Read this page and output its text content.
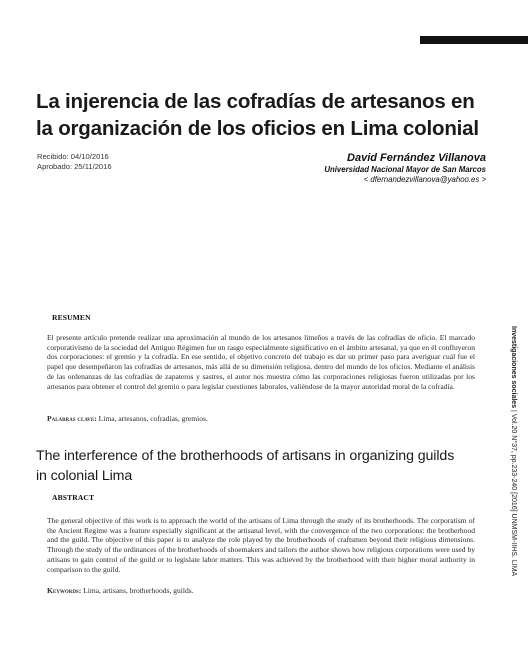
La injerencia de las cofradías de artesanos en
la organización de los oficios en Lima colonial
Recibido: 04/10/2016
Aprobado: 25/11/2016
David Fernández Villanova
Universidad Nacional Mayor de San Marcos
< dfernandezvillanova@yahoo.es >
RESUMEN

El presente artículo pretende realizar una aproximación al mundo de los artesanos limeños a través de las cofradías de oficio. El marcado corporativismo de la sociedad del Antiguo Régimen fue un rasgo especialmente significativo en el ámbito artesanal, ya que en él confluyeron dos corporaciones: el gremio y la cofradía. En ese sentido, el objetivo concreto del trabajo es dar un primer paso para averiguar cuál fue el papel que desempeñaron las cofradías de artesanos, más allá de su dimensión religiosa, dentro del mundo de los oficios. Mediante el análisis de las ordenanzas de las cofradías de zapateros y sastres, el autor nos muestra cómo las corporaciones religiosas fueron utilizadas por los artesanos para obtener el control del gremio o para legislar cuestiones laborales, valiéndose de la mayor autoridad moral de la cofradía.

Palabras clave: Lima, artesanos, cofradías, gremios.

The interference of the brotherhoods of artisans in organizing guilds
in colonial Lima
ABSTRACT

The general objective of this work is to approach the world of the artisans of Lima through the study of its brotherhoods. The corporatism of the Ancient Regime was a feature especially significant at the artisanal level, with the convergence of the two corporations: the brotherhood and the guild. The objective of this paper is to analyze the role played by the brotherhoods of craftsmen beyond their religious dimensions. Through the study of the ordinances of the brotherhoods of shoemakers and tailors the author shows how religious corporations were used by artisans to gain control of the guild or to legislate labor matters. This was achieved by the brotherhood with their higher moral authority in comparison to the guild.

Keywords: Lima, artisans, brotherhoods, guilds.

Investigaciones sociales | Vol.20 N°37, pp.233-240 [2016] UNMSM-IIHS. LIMA
